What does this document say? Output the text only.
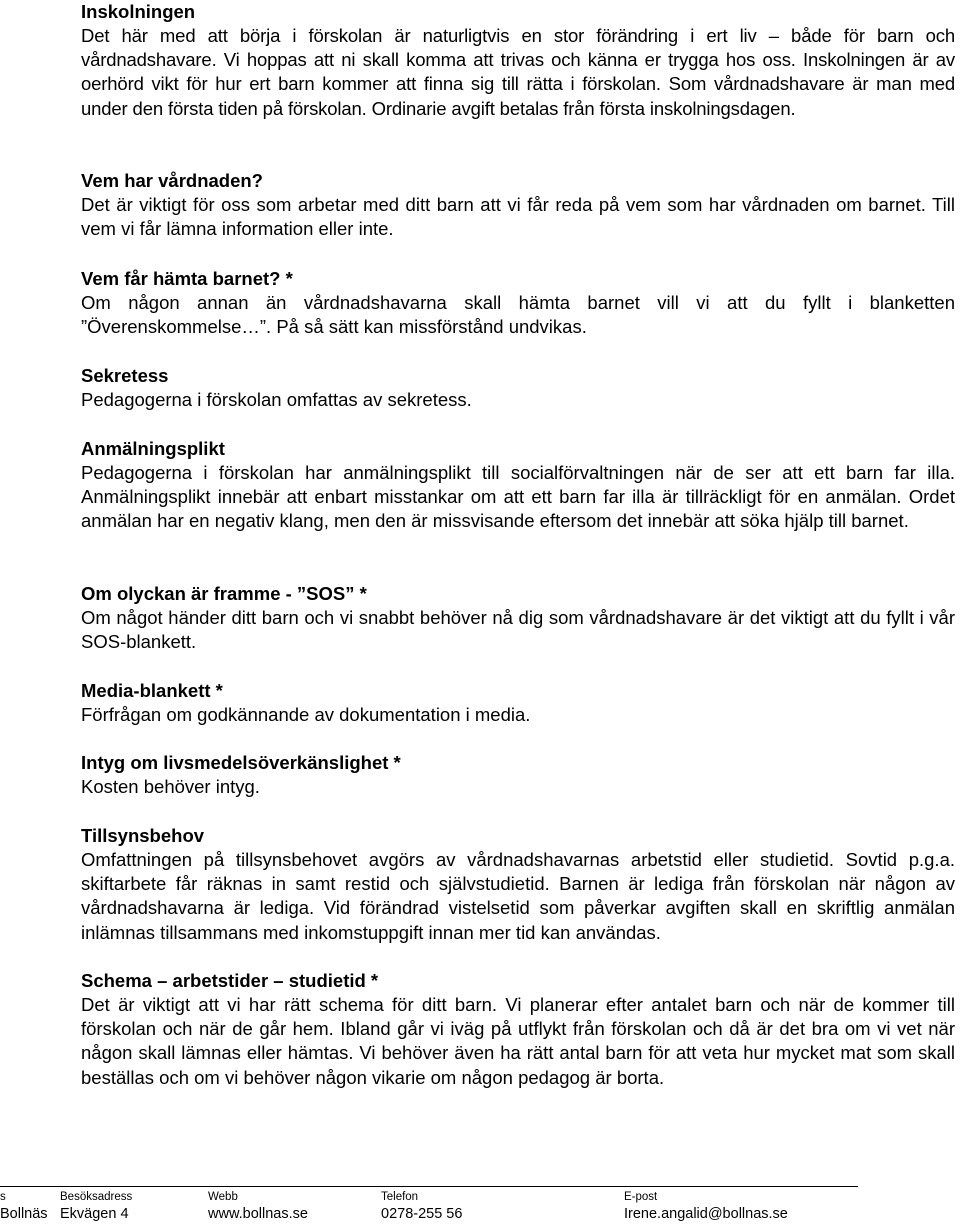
Inskolningen

Det här med att börja i förskolan är naturligtvis en stor förändring i ert liv – både för barn och vårdnadshavare. Vi hoppas att ni skall komma att trivas och känna er trygga hos oss. Inskolningen är av oerhörd vikt för hur ert barn kommer att finna sig till rätta i förskolan. Som vårdnadshavare är man med under den första tiden på förskolan. Ordinarie avgift betalas från första inskolningsdagen.

Vem har vårdnaden?

Det är viktigt för oss som arbetar med ditt barn att vi får reda på vem som har vårdnaden om barnet. Till vem vi får lämna information eller inte.

Vem får hämta barnet? *

Om någon annan än vårdnadshavarna skall hämta barnet vill vi att du fyllt i blanketten ”Överenskommelse…”. På så sätt kan missförstånd undvikas.

Sekretess

Pedagogerna i förskolan omfattas av sekretess.

Anmälningsplikt

Pedagogerna i förskolan har anmälningsplikt till socialförvaltningen när de ser att ett barn far illa. Anmälningsplikt innebär att enbart misstankar om att ett barn far illa är tillräckligt för en anmälan. Ordet anmälan har en negativ klang, men den är missvisande eftersom det innebär att söka hjälp till barnet.

Om olyckan är framme - ”SOS” *

Om något händer ditt barn och vi snabbt behöver nå dig som vårdnadshavare är det viktigt att du fyllt i vår SOS-blankett.

Media-blankett *

Förfrågan om godkännande av dokumentation i media.

Intyg om livsmedelsöverkänslighet *

Kosten behöver intyg.

Tillsynsbehov

Omfattningen på tillsynsbehovet avgörs av vårdnadshavarnas arbetstid eller studietid. Sovtid p.g.a. skiftarbete får räknas in samt restid och självstudietid. Barnen är lediga från förskolan när någon av vårdnadshavarna är lediga. Vid förändrad vistelsetid som påverkar avgiften skall en skriftlig anmälan inlämnas tillsammans med inkomstuppgift innan mer tid kan användas.

Schema – arbetstider – studietid *

Det är viktigt att vi har rätt schema för ditt barn. Vi planerar efter antalet barn och när de kommer till förskolan och när de går hem. Ibland går vi iväg på utflykt från förskolan och då är det bra om vi vet när någon skall lämnas eller hämtas. Vi behöver även ha rätt antal barn för att veta hur mycket mat som skall beställas och om vi behöver någon vikarie om någon pedagog är borta.

s
Bollnäs
Besöksadress
Ekvägen 4
Webb
www.bollnas.se
Telefon
0278-255 56
E-post
Irene.angalid@bollnas.se
